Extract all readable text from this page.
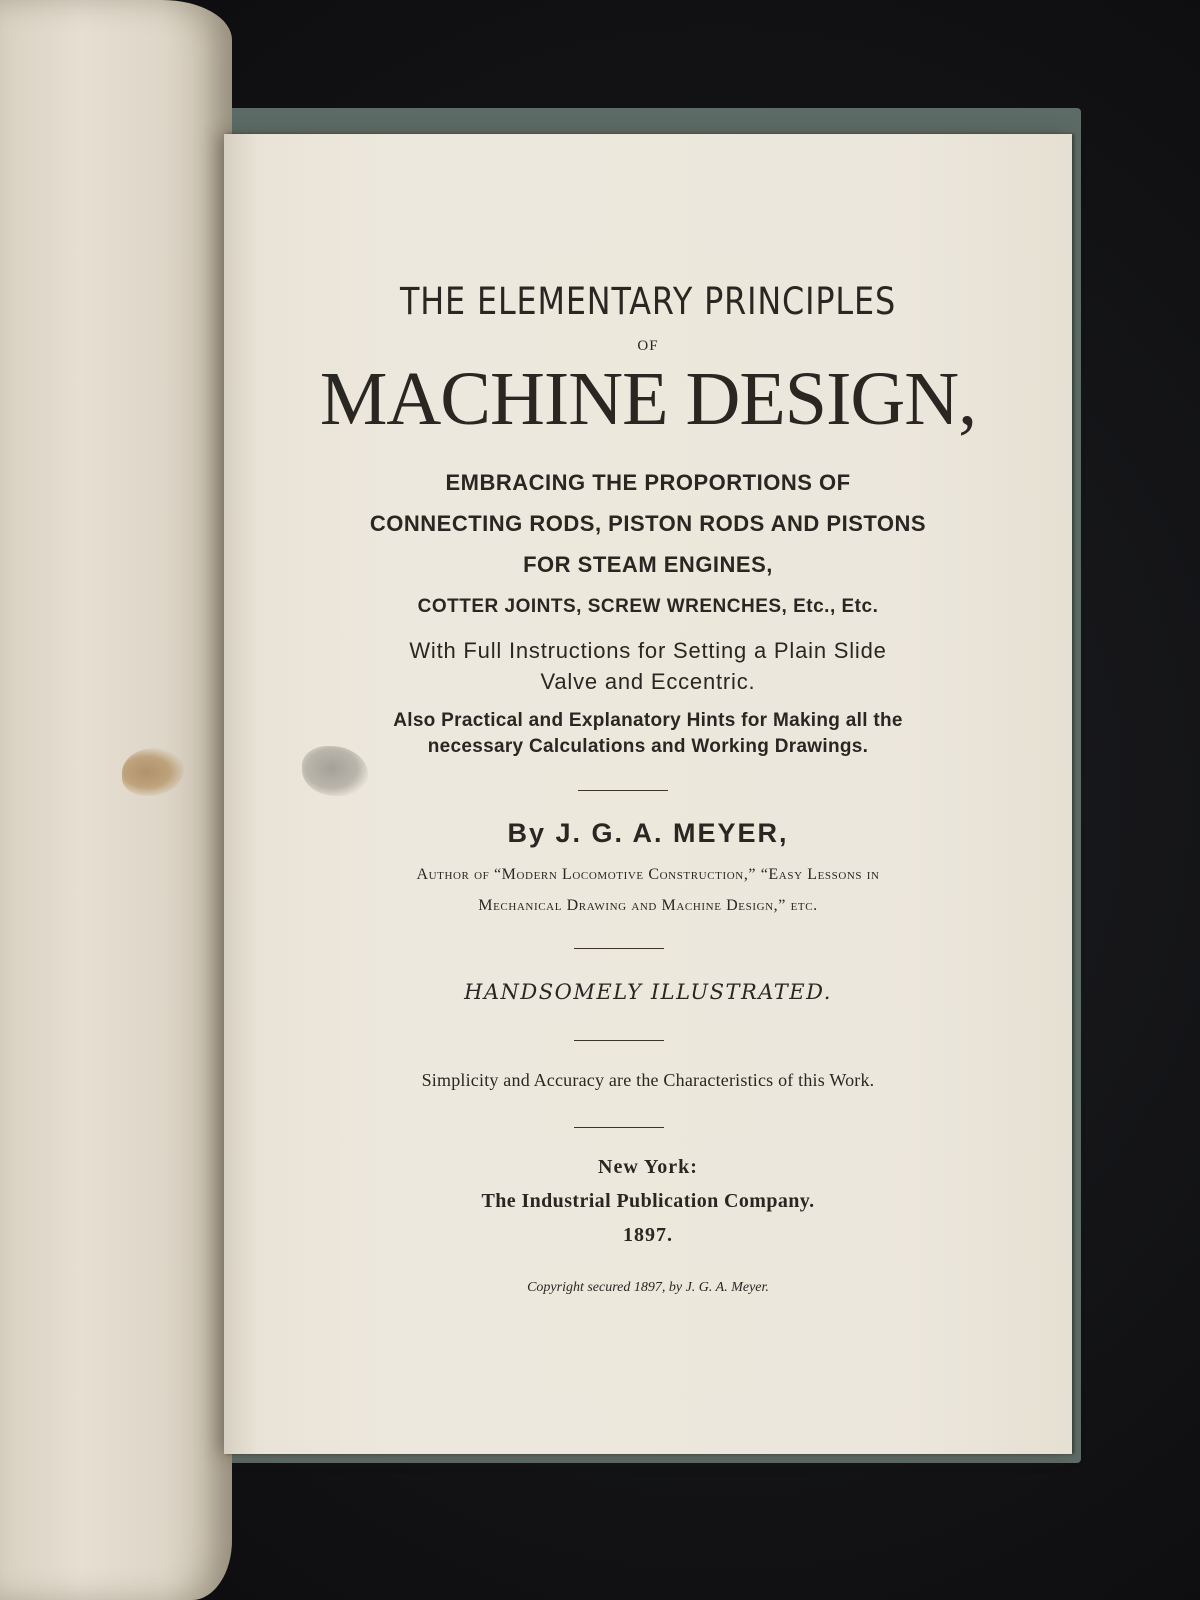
THE ELEMENTARY PRINCIPLES
OF
MACHINE DESIGN,
EMBRACING THE PROPORTIONS OF
CONNECTING RODS, PISTON RODS AND PISTONS
FOR STEAM ENGINES,
COTTER JOINTS, SCREW WRENCHES, Etc., Etc.
With Full Instructions for Setting a Plain Slide
Valve and Eccentric.
Also Practical and Explanatory Hints for Making all the
necessary Calculations and Working Drawings.
By J. G. A. MEYER,
Author of “Modern Locomotive Construction,” “Easy Lessons in
Mechanical Drawing and Machine Design,” etc.
HANDSOMELY ILLUSTRATED.
Simplicity and Accuracy are the Characteristics of this Work.
New York:
The Industrial Publication Company.
1897.
Copyright secured 1897, by J. G. A. Meyer.
